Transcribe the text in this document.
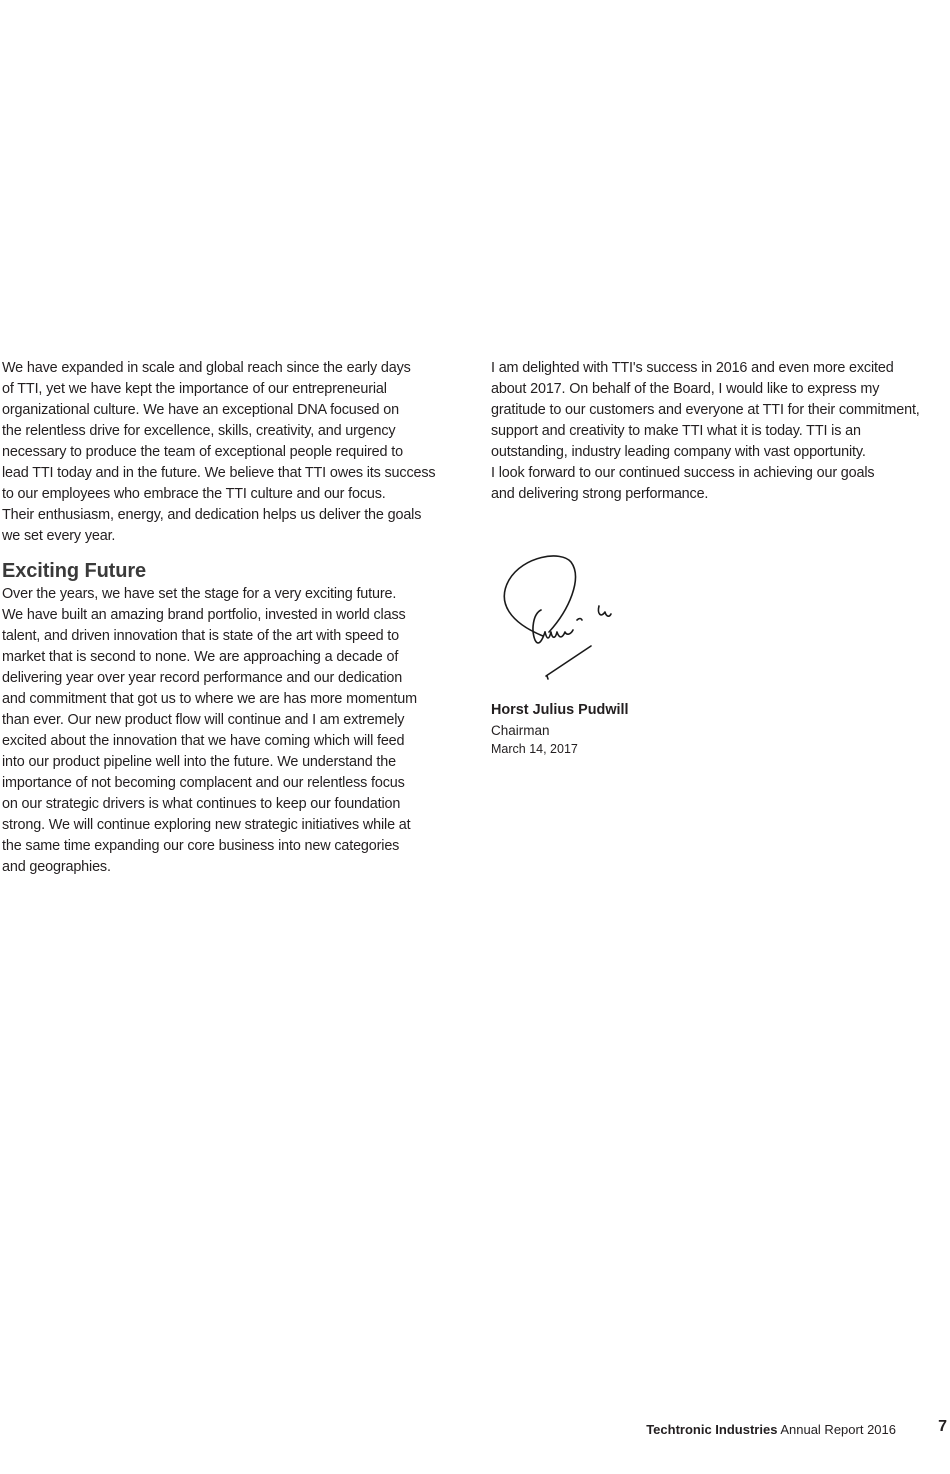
We have expanded in scale and global reach since the early days
of TTI, yet we have kept the importance of our entrepreneurial
organizational culture. We have an exceptional DNA focused on
the relentless drive for excellence, skills, creativity, and urgency
necessary to produce the team of exceptional people required to
lead TTI today and in the future. We believe that TTI owes its success
to our employees who embrace the TTI culture and our focus.
Their enthusiasm, energy, and dedication helps us deliver the goals
we set every year.
Exciting Future
Over the years, we have set the stage for a very exciting future.
We have built an amazing brand portfolio, invested in world class
talent, and driven innovation that is state of the art with speed to
market that is second to none. We are approaching a decade of
delivering year over year record performance and our dedication
and commitment that got us to where we are has more momentum
than ever. Our new product flow will continue and I am extremely
excited about the innovation that we have coming which will feed
into our product pipeline well into the future. We understand the
importance of not becoming complacent and our relentless focus
on our strategic drivers is what continues to keep our foundation
strong. We will continue exploring new strategic initiatives while at
the same time expanding our core business into new categories
and geographies.
I am delighted with TTI's success in 2016 and even more excited
about 2017. On behalf of the Board, I would like to express my
gratitude to our customers and everyone at TTI for their commitment,
support and creativity to make TTI what it is today. TTI is an
outstanding, industry leading company with vast opportunity.
I look forward to our continued success in achieving our goals
and delivering strong performance.
Horst Julius Pudwill
Chairman
March 14, 2017
Techtronic Industries Annual Report 2016	7
